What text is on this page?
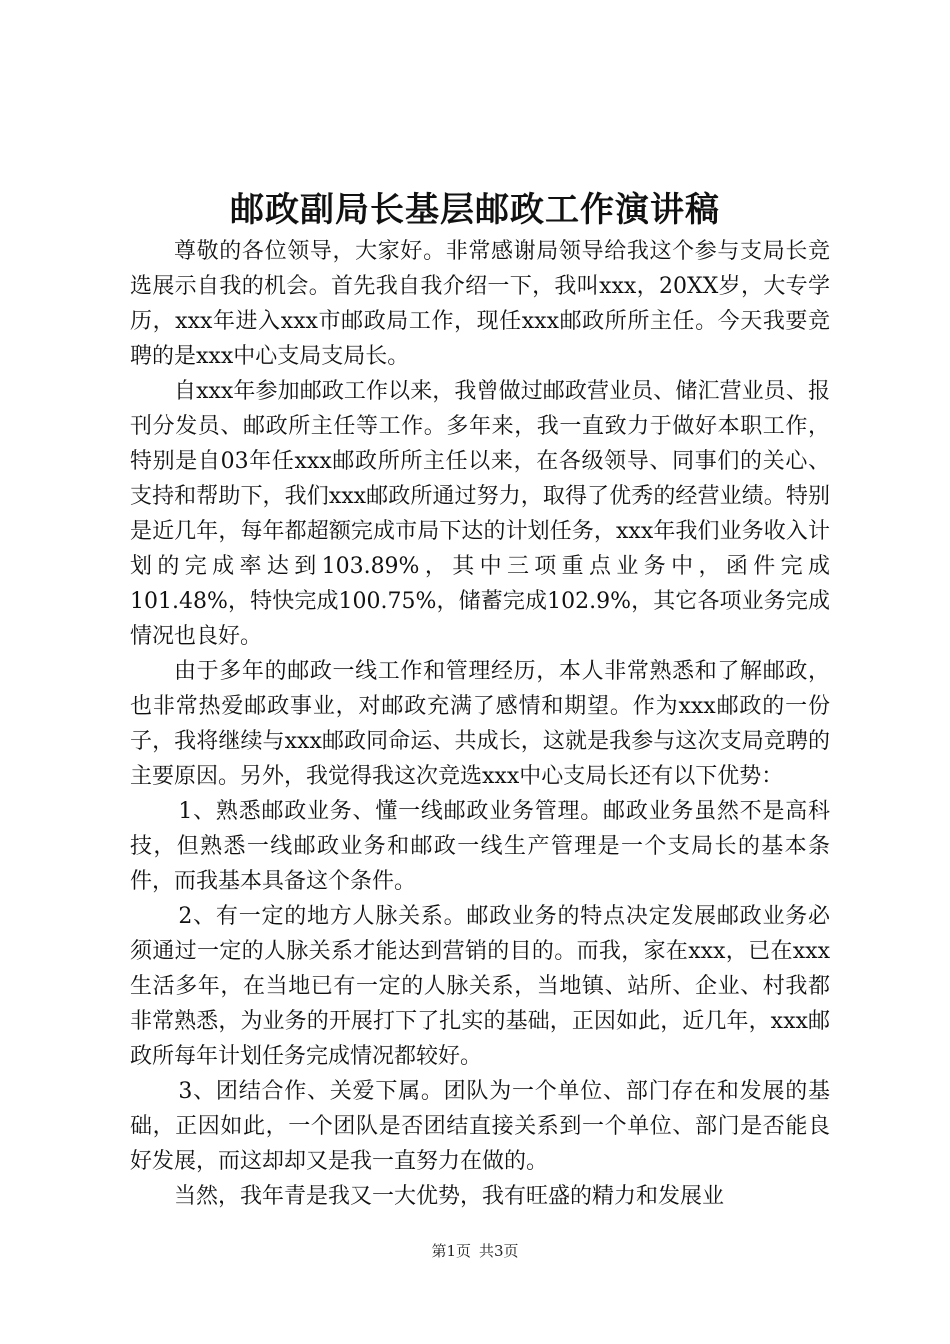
邮政副局长基层邮政工作演讲稿

尊敬的各位领导，大家好。非常感谢局领导给我这个参与支局长竞选展示自我的机会。首先我自我介绍一下，我叫xxx，20XX岁，大专学历，xxx年进入xxx市邮政局工作，现任xxx邮政所所主任。今天我要竞聘的是xxx中心支局支局长。

自xxx年参加邮政工作以来，我曾做过邮政营业员、储汇营业员、报刊分发员、邮政所主任等工作。多年来，我一直致力于做好本职工作，特别是自03年任xxx邮政所所主任以来，在各级领导、同事们的关心、支持和帮助下，我们xxx邮政所通过努力，取得了优秀的经营业绩。特别是近几年，每年都超额完成市局下达的计划任务，xxx年我们业务收入计划的完成率达到103.89%，其中三项重点业务中，函件完成101.48%，特快完成100.75%，储蓄完成102.9%，其它各项业务完成情况也良好。

由于多年的邮政一线工作和管理经历，本人非常熟悉和了解邮政，也非常热爱邮政事业，对邮政充满了感情和期望。作为xxx邮政的一份子，我将继续与xxx邮政同命运、共成长，这就是我参与这次支局竞聘的主要原因。另外，我觉得我这次竞选xxx中心支局长还有以下优势：

1、熟悉邮政业务、懂一线邮政业务管理。邮政业务虽然不是高科技，但熟悉一线邮政业务和邮政一线生产管理是一个支局长的基本条件，而我基本具备这个条件。

2、有一定的地方人脉关系。邮政业务的特点决定发展邮政业务必须通过一定的人脉关系才能达到营销的目的。而我，家在xxx，已在xxx生活多年，在当地已有一定的人脉关系，当地镇、站所、企业、村我都非常熟悉，为业务的开展打下了扎实的基础，正因如此，近几年，xxx邮政所每年计划任务完成情况都较好。

3、团结合作、关爱下属。团队为一个单位、部门存在和发展的基础，正因如此，一个团队是否团结直接关系到一个单位、部门是否能良好发展，而这却却又是我一直努力在做的。

当然，我年青是我又一大优势，我有旺盛的精力和发展业

第1页 共3页
